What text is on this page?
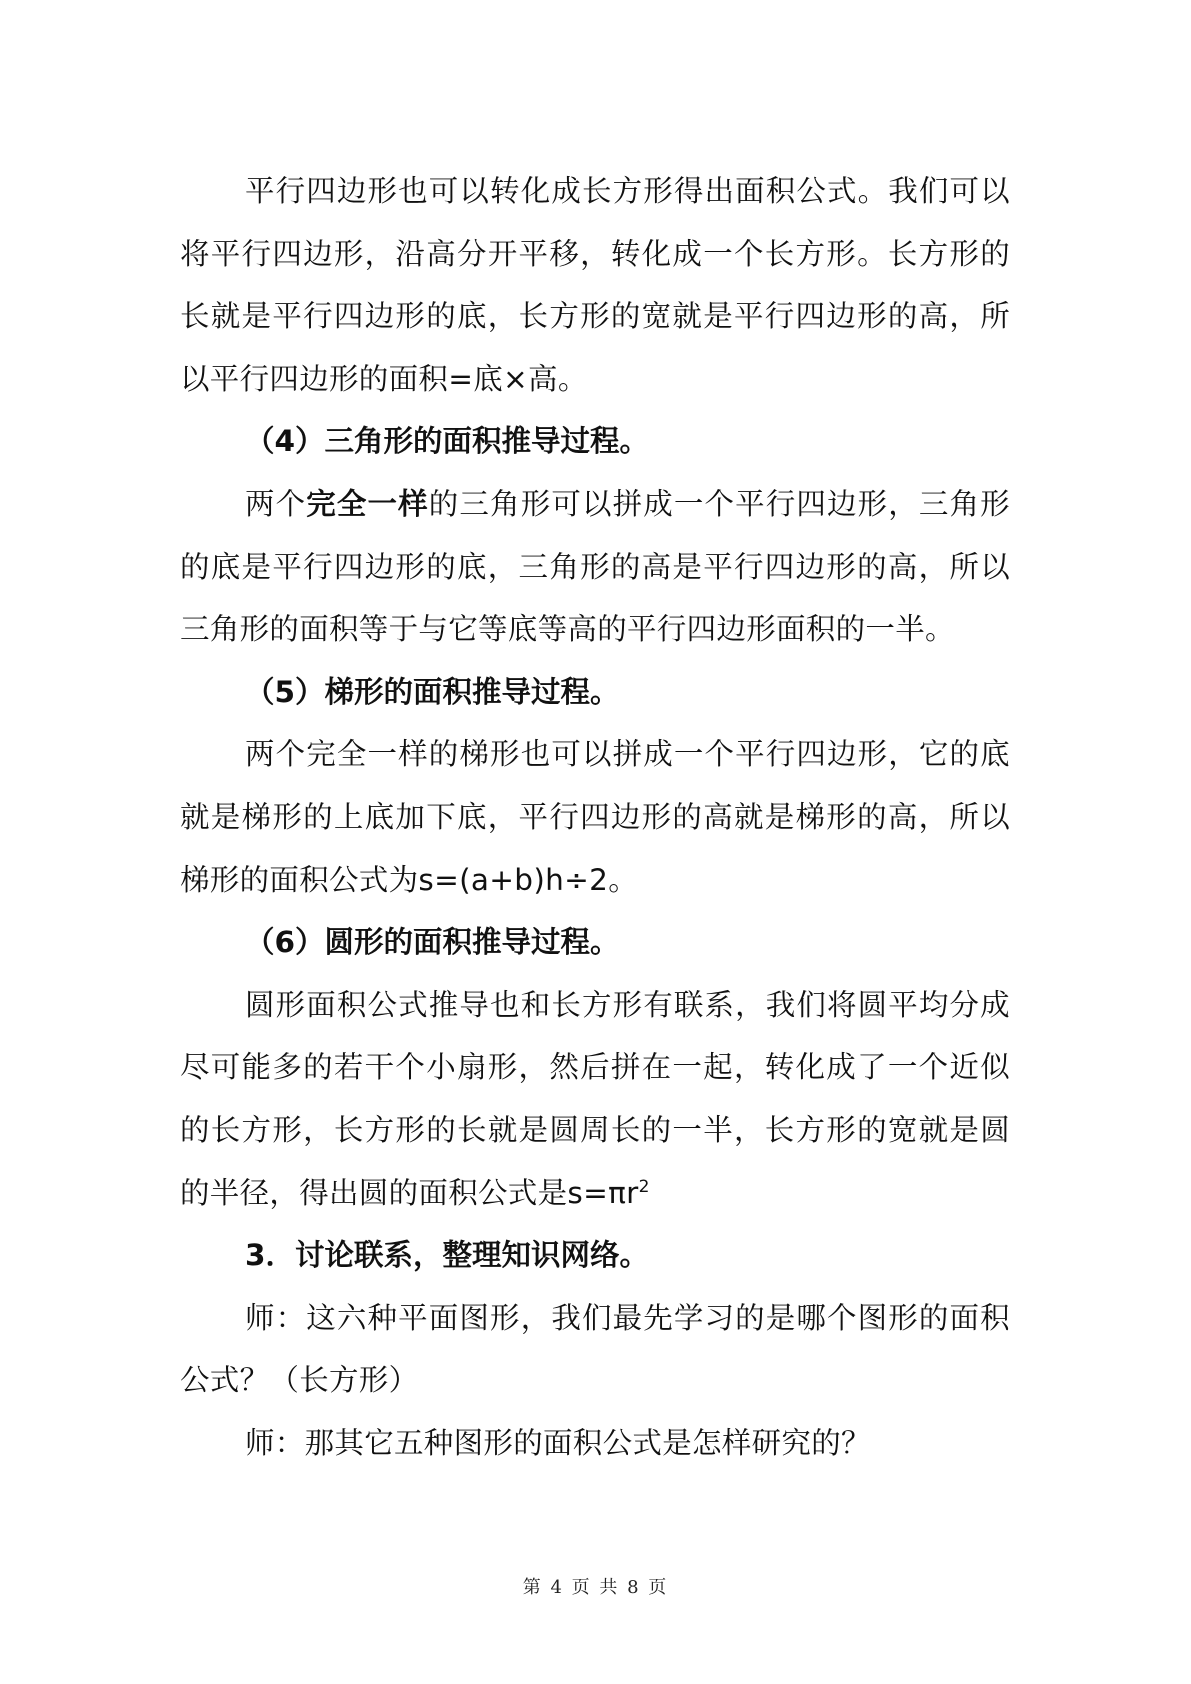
平行四边形也可以转化成长方形得出面积公式。我们可以将平行四边形，沿高分开平移，转化成一个长方形。长方形的长就是平行四边形的底，长方形的宽就是平行四边形的高，所以平行四边形的面积=底×高。

（4）三角形的面积推导过程。

两个完全一样的三角形可以拼成一个平行四边形，三角形的底是平行四边形的底，三角形的高是平行四边形的高，所以三角形的面积等于与它等底等高的平行四边形面积的一半。

（5）梯形的面积推导过程。

两个完全一样的梯形也可以拼成一个平行四边形，它的底就是梯形的上底加下底，平行四边形的高就是梯形的高，所以梯形的面积公式为s=(a+b)h÷2。

（6）圆形的面积推导过程。

圆形面积公式推导也和长方形有联系，我们将圆平均分成尽可能多的若干个小扇形，然后拼在一起，转化成了一个近似的长方形，长方形的长就是圆周长的一半，长方形的宽就是圆的半径，得出圆的面积公式是$s=\pi r^2$

3．讨论联系，整理知识网络。

师：这六种平面图形，我们最先学习的是哪个图形的面积公式？（长方形）

师：那其它五种图形的面积公式是怎样研究的？

第 4 页 共 8 页
